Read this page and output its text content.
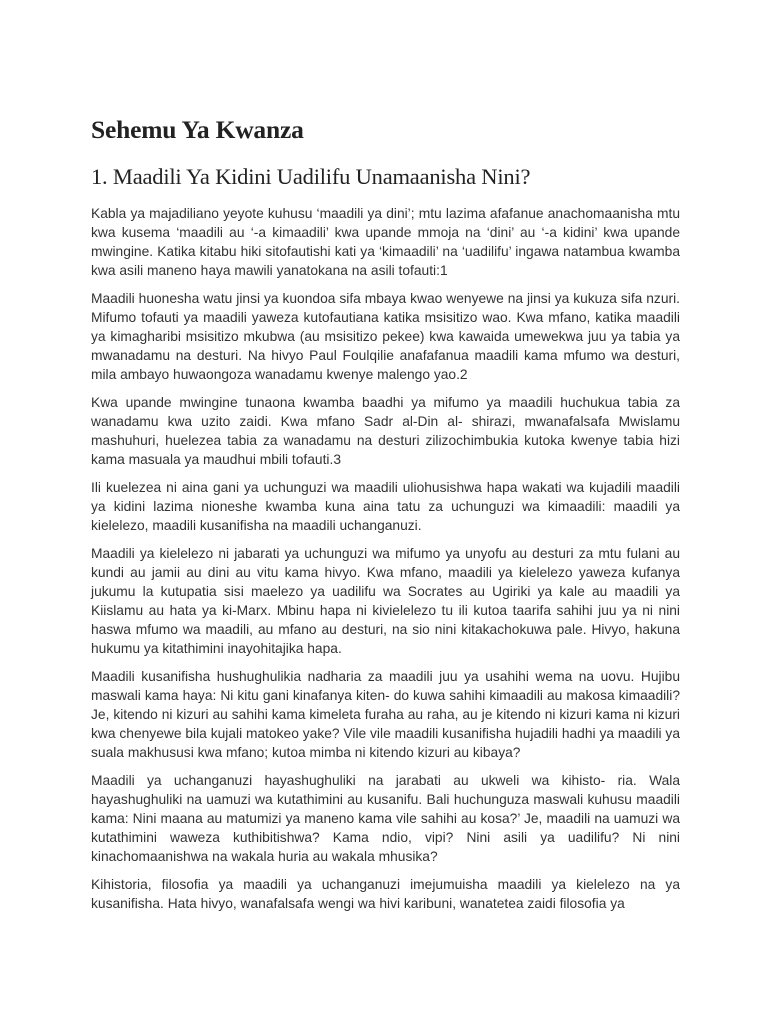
Sehemu Ya Kwanza
1. Maadili Ya Kidini Uadilifu Unamaanisha Nini?

Kabla ya majadiliano yeyote kuhusu ‘maadili ya dini’; mtu lazima afafanue anachomaanisha mtu kwa kusema ‘maadili au ‘-a kimaadili’ kwa upande mmoja na ‘dini’ au ‘-a kidini’ kwa upande mwingine. Katika kitabu hiki sitofautishi kati ya ‘kimaadili’ na ‘uadilifu’ ingawa natambua kwamba kwa asili maneno haya mawili yanatokana na asili tofauti:1

Maadili huonesha watu jinsi ya kuondoa sifa mbaya kwao wenyewe na jinsi ya kukuza sifa nzuri. Mifumo tofauti ya maadili yaweza kutofautiana katika msisitizo wao. Kwa mfano, katika maadili ya kimagharibi msisitizo mkubwa (au msisitizo pekee) kwa kawaida umewekwa juu ya tabia ya mwanadamu na desturi. Na hivyo Paul Foulqilie anafafanua maadili kama mfumo wa desturi, mila ambayo huwaongoza wanadamu kwenye malengo yao.2

Kwa upande mwingine tunaona kwamba baadhi ya mifumo ya maadili huchukua tabia za wanadamu kwa uzito zaidi. Kwa mfano Sadr al-Din al- shirazi, mwanafalsafa Mwislamu mashuhuri, huelezea tabia za wanadamu na desturi zilizochimbukia kutoka kwenye tabia hizi kama masuala ya maudhui mbili tofauti.3

Ili kuelezea ni aina gani ya uchunguzi wa maadili uliohusishwa hapa wakati wa kujadili maadili ya kidini lazima nioneshe kwamba kuna aina tatu za uchunguzi wa kimaadili: maadili ya kielelezo, maadili kusanifisha na maadili uchanganuzi.

Maadili ya kielelezo ni jabarati ya uchunguzi wa mifumo ya unyofu au desturi za mtu fulani au kundi au jamii au dini au vitu kama hivyo. Kwa mfano, maadili ya kielelezo yaweza kufanya jukumu la kutupatia sisi maelezo ya uadilifu wa Socrates au Ugiriki ya kale au maadili ya Kiislamu au hata ya ki-Marx. Mbinu hapa ni kivielelezo tu ili kutoa taarifa sahihi juu ya ni nini haswa mfumo wa maadili, au mfano au desturi, na sio nini kitakachokuwa pale. Hivyo, hakuna hukumu ya kitathimini inayohitajika hapa.

Maadili kusanifisha hushughulikia nadharia za maadili juu ya usahihi wema na uovu. Hujibu maswali kama haya: Ni kitu gani kinafanya kiten- do kuwa sahihi kimaadili au makosa kimaadili? Je, kitendo ni kizuri au sahihi kama kimeleta furaha au raha, au je kitendo ni kizuri kama ni kizuri kwa chenyewe bila kujali matokeo yake? Vile vile maadili kusanifisha hujadili hadhi ya maadili ya suala makhususi kwa mfano; kutoa mimba ni kitendo kizuri au kibaya?

Maadili ya uchanganuzi hayashughuliki na jarabati au ukweli wa kihisto- ria. Wala hayashughuliki na uamuzi wa kutathimini au kusanifu. Bali huchunguza maswali kuhusu maadili kama: Nini maana au matumizi ya maneno kama vile sahihi au kosa?’ Je, maadili na uamuzi wa kutathimini waweza kuthibitishwa? Kama ndio, vipi? Nini asili ya uadilifu? Ni nini kinachomaanishwa na wakala huria au wakala mhusika?

Kihistoria, filosofia ya maadili ya uchanganuzi imejumuisha maadili ya kielelezo na ya kusanifisha. Hata hivyo, wanafalsafa wengi wa hivi karibuni, wanatetea zaidi filosofia ya
